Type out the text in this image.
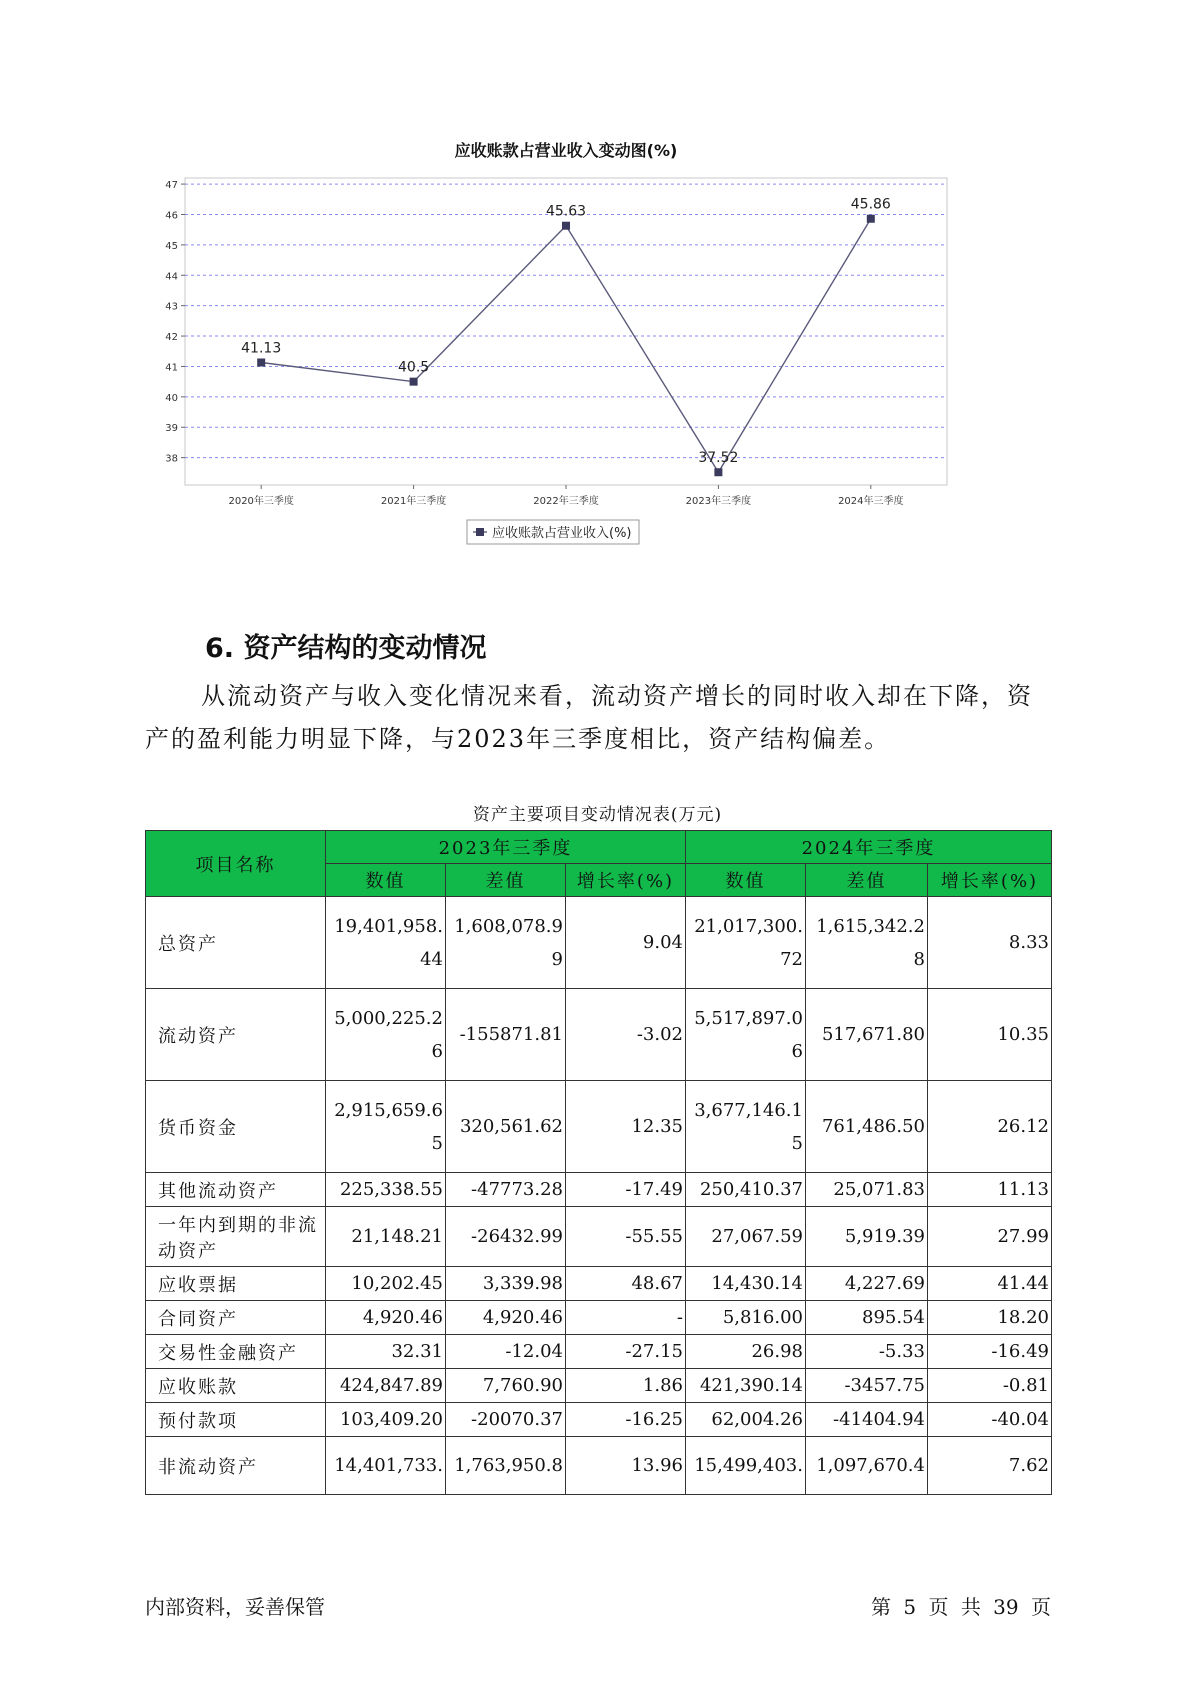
应收账款占营业收入变动图(%)
38
39
40
41
42
43
44
45
46
47
2020年三季度	2021年三季度	2022年三季度	2023年三季度	2024年三季度
41.13
40.5
45.63
37.52
45.86
应收账款占营业收入(%)
6. 资产结构的变动情况

从流动资产与收入变化情况来看，流动资产增长的同时收入却在下降，资产的盈利能力明显下降，与2023年三季度相比，资产结构偏差。

资产主要项目变动情况表(万元)
项目名称	2023年三季度			2024年三季度		
	数值	差值	增长率(%)	数值	差值	增长率(%)
总资产	19,401,958.44	1,608,078.99	9.04	21,017,300.72	1,615,342.28	8.33
流动资产	5,000,225.26	-155871.81	-3.02	5,517,897.06	517,671.80	10.35
货币资金	2,915,659.65	320,561.62	12.35	3,677,146.15	761,486.50	26.12
其他流动资产	225,338.55	-47773.28	-17.49	250,410.37	25,071.83	11.13
一年内到期的非流动资产	21,148.21	-26432.99	-55.55	27,067.59	5,919.39	27.99
应收票据	10,202.45	3,339.98	48.67	14,430.14	4,227.69	41.44
合同资产	4,920.46	4,920.46	-	5,816.00	895.54	18.20
交易性金融资产	32.31	-12.04	-27.15	26.98	-5.33	-16.49
应收账款	424,847.89	7,760.90	1.86	421,390.14	-3457.75	-0.81
预付款项	103,409.20	-20070.37	-16.25	62,004.26	-41404.94	-40.04
非流动资产	14,401,733.	1,763,950.8	13.96	15,499,403.	1,097,670.4	7.62
内部资料，妥善保管	第 5 页 共 39 页
